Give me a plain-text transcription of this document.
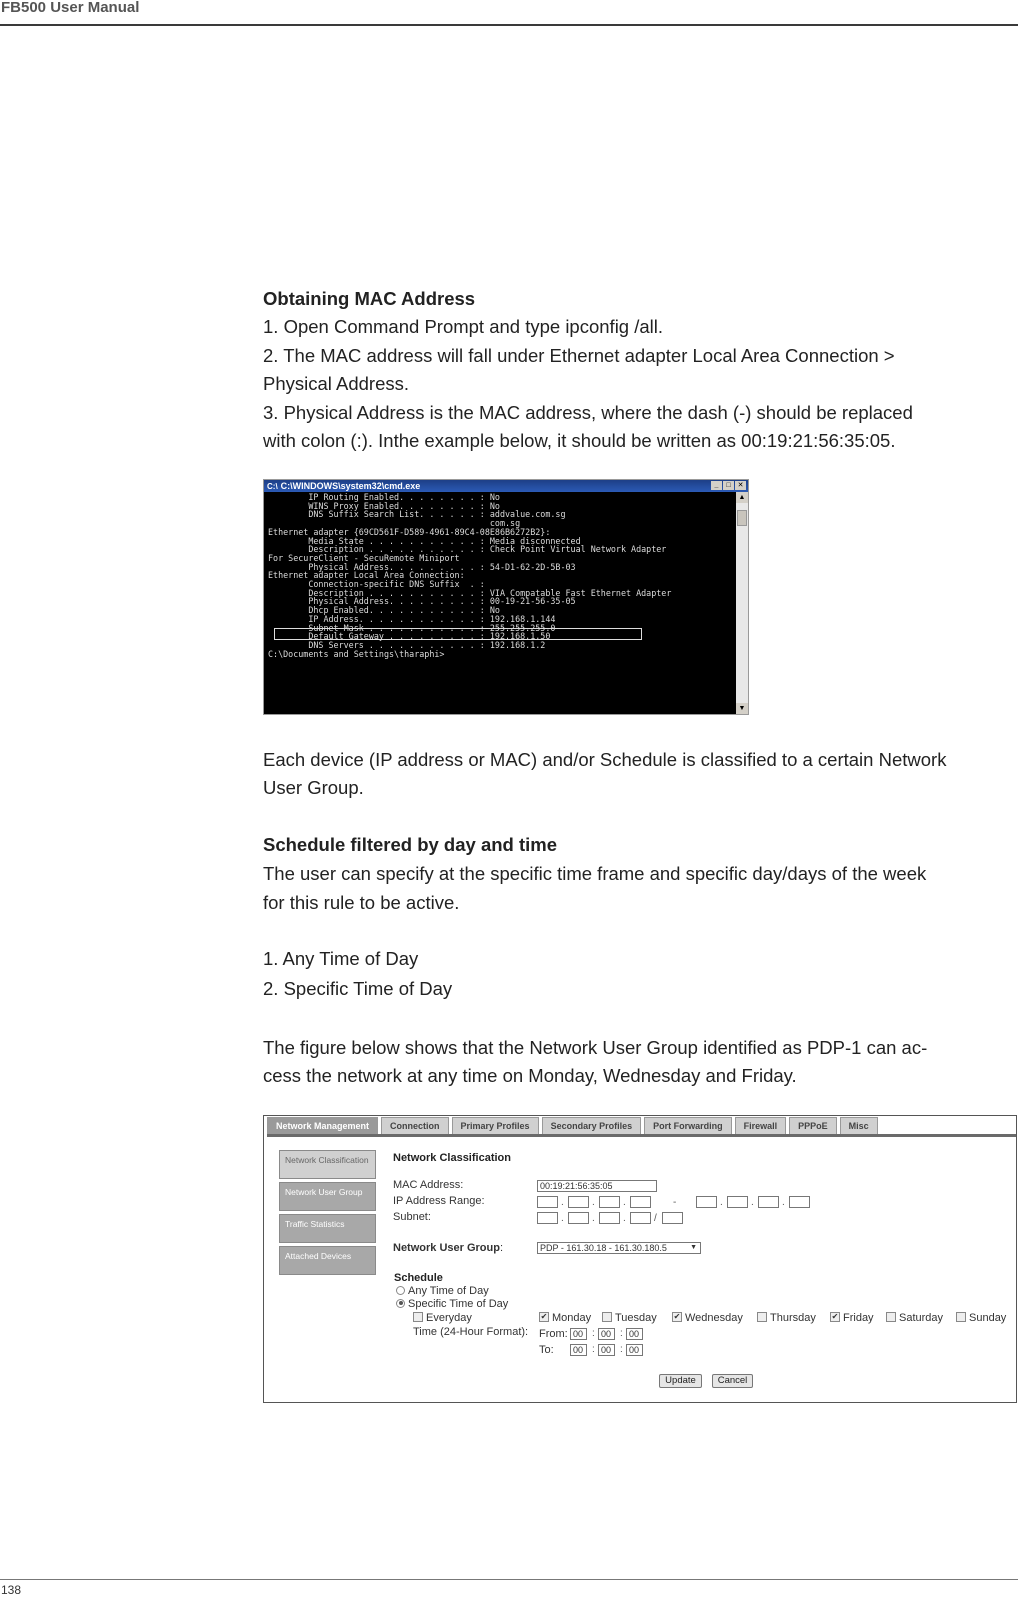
FB500 User Manual
Obtaining MAC Address
1. Open Command Prompt and type ipconfig /all.
2. The MAC address will fall under Ethernet adapter Local Area Connection >
Physical Address.
3. Physical Address is the MAC address, where the dash (-) should be replaced
with colon (:). Inthe example below, it should be written as 00:19:21:56:35:05.
C:\ C:\WINDOWS\system32\cmd.exe	_	□ ✕
IP Routing Enabled. . . . . . . . : No
WINS Proxy Enabled. . . . . . . . : No
DNS Suffix Search List. . . . . . : addvalue.com.sg
com.sg
Ethernet adapter {69CD561F-D589-4961-89C4-08E86B6272B2}:
Media State . . . . . . . . . . . : Media disconnected
Description . . . . . . . . . . . : Check Point Virtual Network Adapter
For SecureClient - SecuRemote Miniport
Physical Address. . . . . . . . . : 54-D1-62-2D-5B-03
Ethernet adapter Local Area Connection:
Connection-specific DNS Suffix  . :
Description . . . . . . . . . . . : VIA Compatable Fast Ethernet Adapter
Physical Address. . . . . . . . . : 00-19-21-56-35-05
Dhcp Enabled. . . . . . . . . . . : No
IP Address. . . . . . . . . . . . : 192.168.1.144
Subnet Mask . . . . . . . . . . . : 255.255.255.0
Default Gateway . . . . . . . . . : 192.168.1.50
DNS Servers . . . . . . . . . . . : 192.168.1.2
C:\Documents and Settings\tharaphi>
▲
▼
Each device (IP address or MAC) and/or Schedule is classified to a certain Network
User Group.
Schedule filtered by day and time
The user can specify at the specific time frame and specific day/days of the week
for this rule to be active.
1. Any Time of Day
2. Specific Time of Day
The figure below shows that the Network User Group identified as PDP-1 can ac-
cess the network at any time on Monday, Wednesday and Friday.
Network Management	Connection	Primary Profiles	Secondary Profiles	Port Forwarding	Firewall	PPPoE	Misc
Network Classification
Network User Group
Traffic Statistics
Attached Devices
Network Classification
MAC Address:	00:19:21:56:35:05
IP Address Range:	.	.	.	-	.	.	.
Subnet:	.	.	.	/
Network User Group:	PDP - 161.30.18 - 161.30.180.5	▼
Schedule
Any Time of Day
Specific Time of Day
Everyday
Time (24-Hour Format):
✔ Monday	Tuesday ✔ Wednesday	Thursday ✔ Friday	Saturday	Sunday
From: 00 : 00 : 00
To:	00 : 00 : 00
Update	Cancel
138
